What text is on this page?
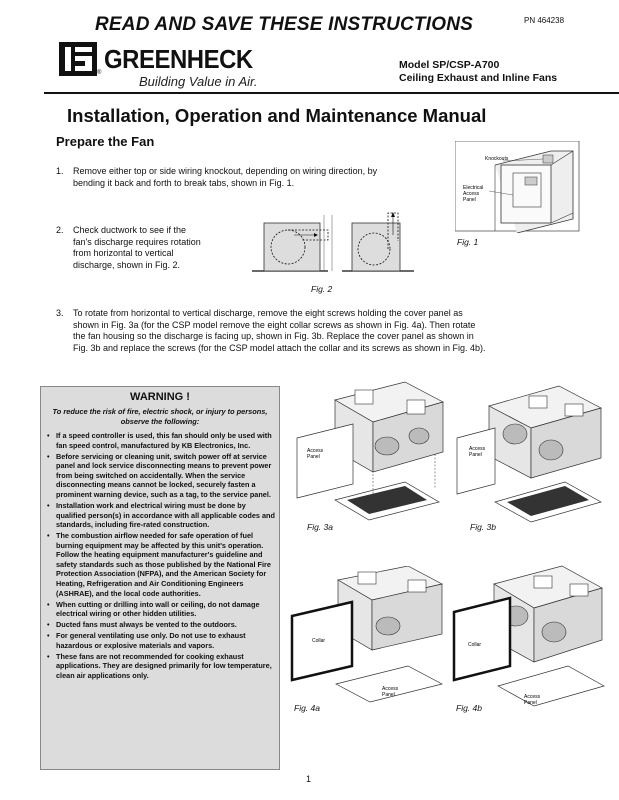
READ AND SAVE THESE INSTRUCTIONS	PN 464238
® GREENHECK
Building Value in Air.
Model SP/CSP-A700
Ceiling Exhaust and Inline Fans
Installation, Operation and Maintenance Manual
Prepare the Fan
1. Remove either top or side wiring knockout, depending on wiring direction, by
bending it back and forth to break tabs, shown in Fig. 1.
2. Check ductwork to see if the
fan's discharge requires rotation
from horizontal to vertical
discharge, shown in Fig. 2.
3. To rotate from horizontal to vertical discharge, remove the eight screws holding the cover panel as
shown in Fig. 3a (for the CSP model remove the eight collar screws as shown in Fig. 4a). Then rotate
the fan housing so the discharge is facing up, shown in Fig. 3b. Replace the cover panel as shown in
Fig. 3b and replace the screws (for the CSP model attach the collar and its screws as shown in Fig. 4b).
Knockouts
Electrical
Access
Panel
Fig. 1
Fig. 2
WARNING !
To reduce the risk of fire, electric shock, or injury to persons, observe the following:
• If a speed controller is used, this fan should only be used with fan speed control, manufactured by KB Electronics, Inc.
• Before servicing or cleaning unit, switch power off at service panel and lock service disconnecting means to prevent power from being switched on accidentally. When the service disconnecting means cannot be locked, securely fasten a prominent warning device, such as a tag, to the service panel.
• Installation work and electrical wiring must be done by qualified person(s) in accordance with all applicable codes and standards, including fire-rated construction.
• The combustion airflow needed for safe operation of fuel burning equipment may be affected by this unit's operation. Follow the heating equipment manufacturer's guideline and safety standards such as those published by the National Fire Protection Association (NFPA), and the American Society for Heating, Refrigeration and Air Conditioning Engineers (ASHRAE), and the local code authorities.
• When cutting or drilling into wall or ceiling, do not damage electrical wiring or other hidden utilities.
• Ducted fans must always be vented to the outdoors.
• For general ventilating use only. Do not use to exhaust hazardous or explosive materials and vapors.
• These fans are not recommended for cooking exhaust applications. They are designed primarily for low temperature, clean air applications only.
Access
Panel
Fig. 3a
Access
Panel
Fig. 3b
Collar
Access
Panel
Fig. 4a
Collar
Access
Panel
Fig. 4b
1
